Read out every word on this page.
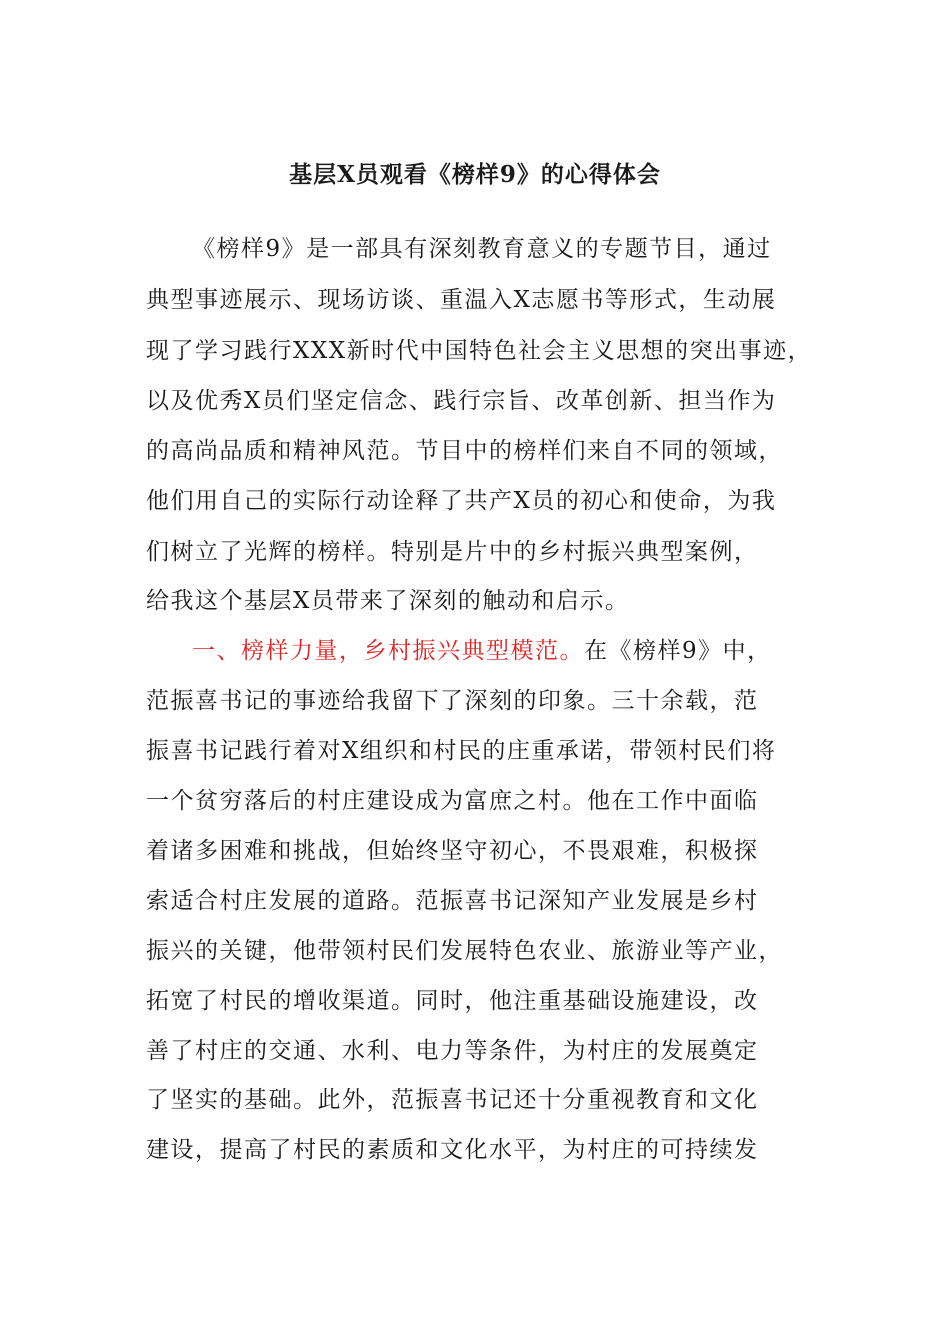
基层X员观看《榜样9》的心得体会
《榜样9》是一部具有深刻教育意义的专题节目，通过
典型事迹展示、现场访谈、重温入X志愿书等形式，生动展
现了学习践行XXX新时代中国特色社会主义思想的突出事迹，
以及优秀X员们坚定信念、践行宗旨、改革创新、担当作为
的高尚品质和精神风范。节目中的榜样们来自不同的领域，
他们用自己的实际行动诠释了共产X员的初心和使命，为我
们树立了光辉的榜样。特别是片中的乡村振兴典型案例，
给我这个基层X员带来了深刻的触动和启示。
一、榜样力量，乡村振兴典型模范。在《榜样9》中，
范振喜书记的事迹给我留下了深刻的印象。三十余载，范
振喜书记践行着对X组织和村民的庄重承诺，带领村民们将
一个贫穷落后的村庄建设成为富庶之村。他在工作中面临
着诸多困难和挑战，但始终坚守初心，不畏艰难，积极探
索适合村庄发展的道路。范振喜书记深知产业发展是乡村
振兴的关键，他带领村民们发展特色农业、旅游业等产业，
拓宽了村民的增收渠道。同时，他注重基础设施建设，改
善了村庄的交通、水利、电力等条件，为村庄的发展奠定
了坚实的基础。此外，范振喜书记还十分重视教育和文化
建设，提高了村民的素质和文化水平，为村庄的可持续发
